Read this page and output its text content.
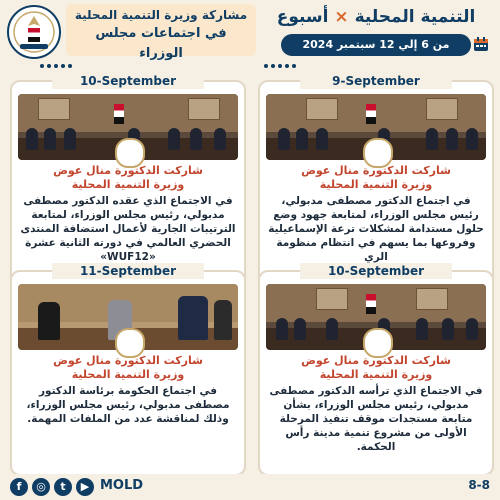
التنمية المحلية × أسبوع
من 6 إلي 12 سبتمبر 2024
مشاركة وزيرة التنمية المحلية
في اجتماعات مجلس الوزراء
9-September
شاركت الدكتورة منال عوض
وزيرة التنمية المحلية
في اجتماع الدكتور مصطفى مدبولي، رئيس مجلس الوزراء، لمتابعة جهود وضع حلول مستدامة لمشكلات ترعة الإسماعيلية وفروعها بما يسهم في انتظام منظومة الري
10-September
شاركت الدكتورة منال عوض
وزيرة التنمية المحلية
في الاجتماع الذي عقده الدكتور مصطفى مدبولي، رئيس مجلس الوزراء، لمتابعة الترتيبات الجارية لأعمال استضافة المنتدى الحضري العالمي في دورته الثانية عشرة «WUF12»
10-September
شاركت الدكتورة منال عوض
وزيرة التنمية المحلية
في الاجتماع الذي ترأسه الدكتور مصطفى مدبولي، رئيس مجلس الوزراء، بشأن متابعة مستجدات موقف تنفيذ المرحلة الأولى من مشروع تنمية مدينة رأس الحكمة.
11-September
شاركت الدكتورة منال عوض
وزيرة التنمية المحلية
في اجتماع الحكومة برئاسة الدكتور مصطفى مدبولي، رئيس مجلس الوزراء، وذلك لمناقشة عدد من الملفات المهمة.
f	◎	t	▶ MOLD	8-8
